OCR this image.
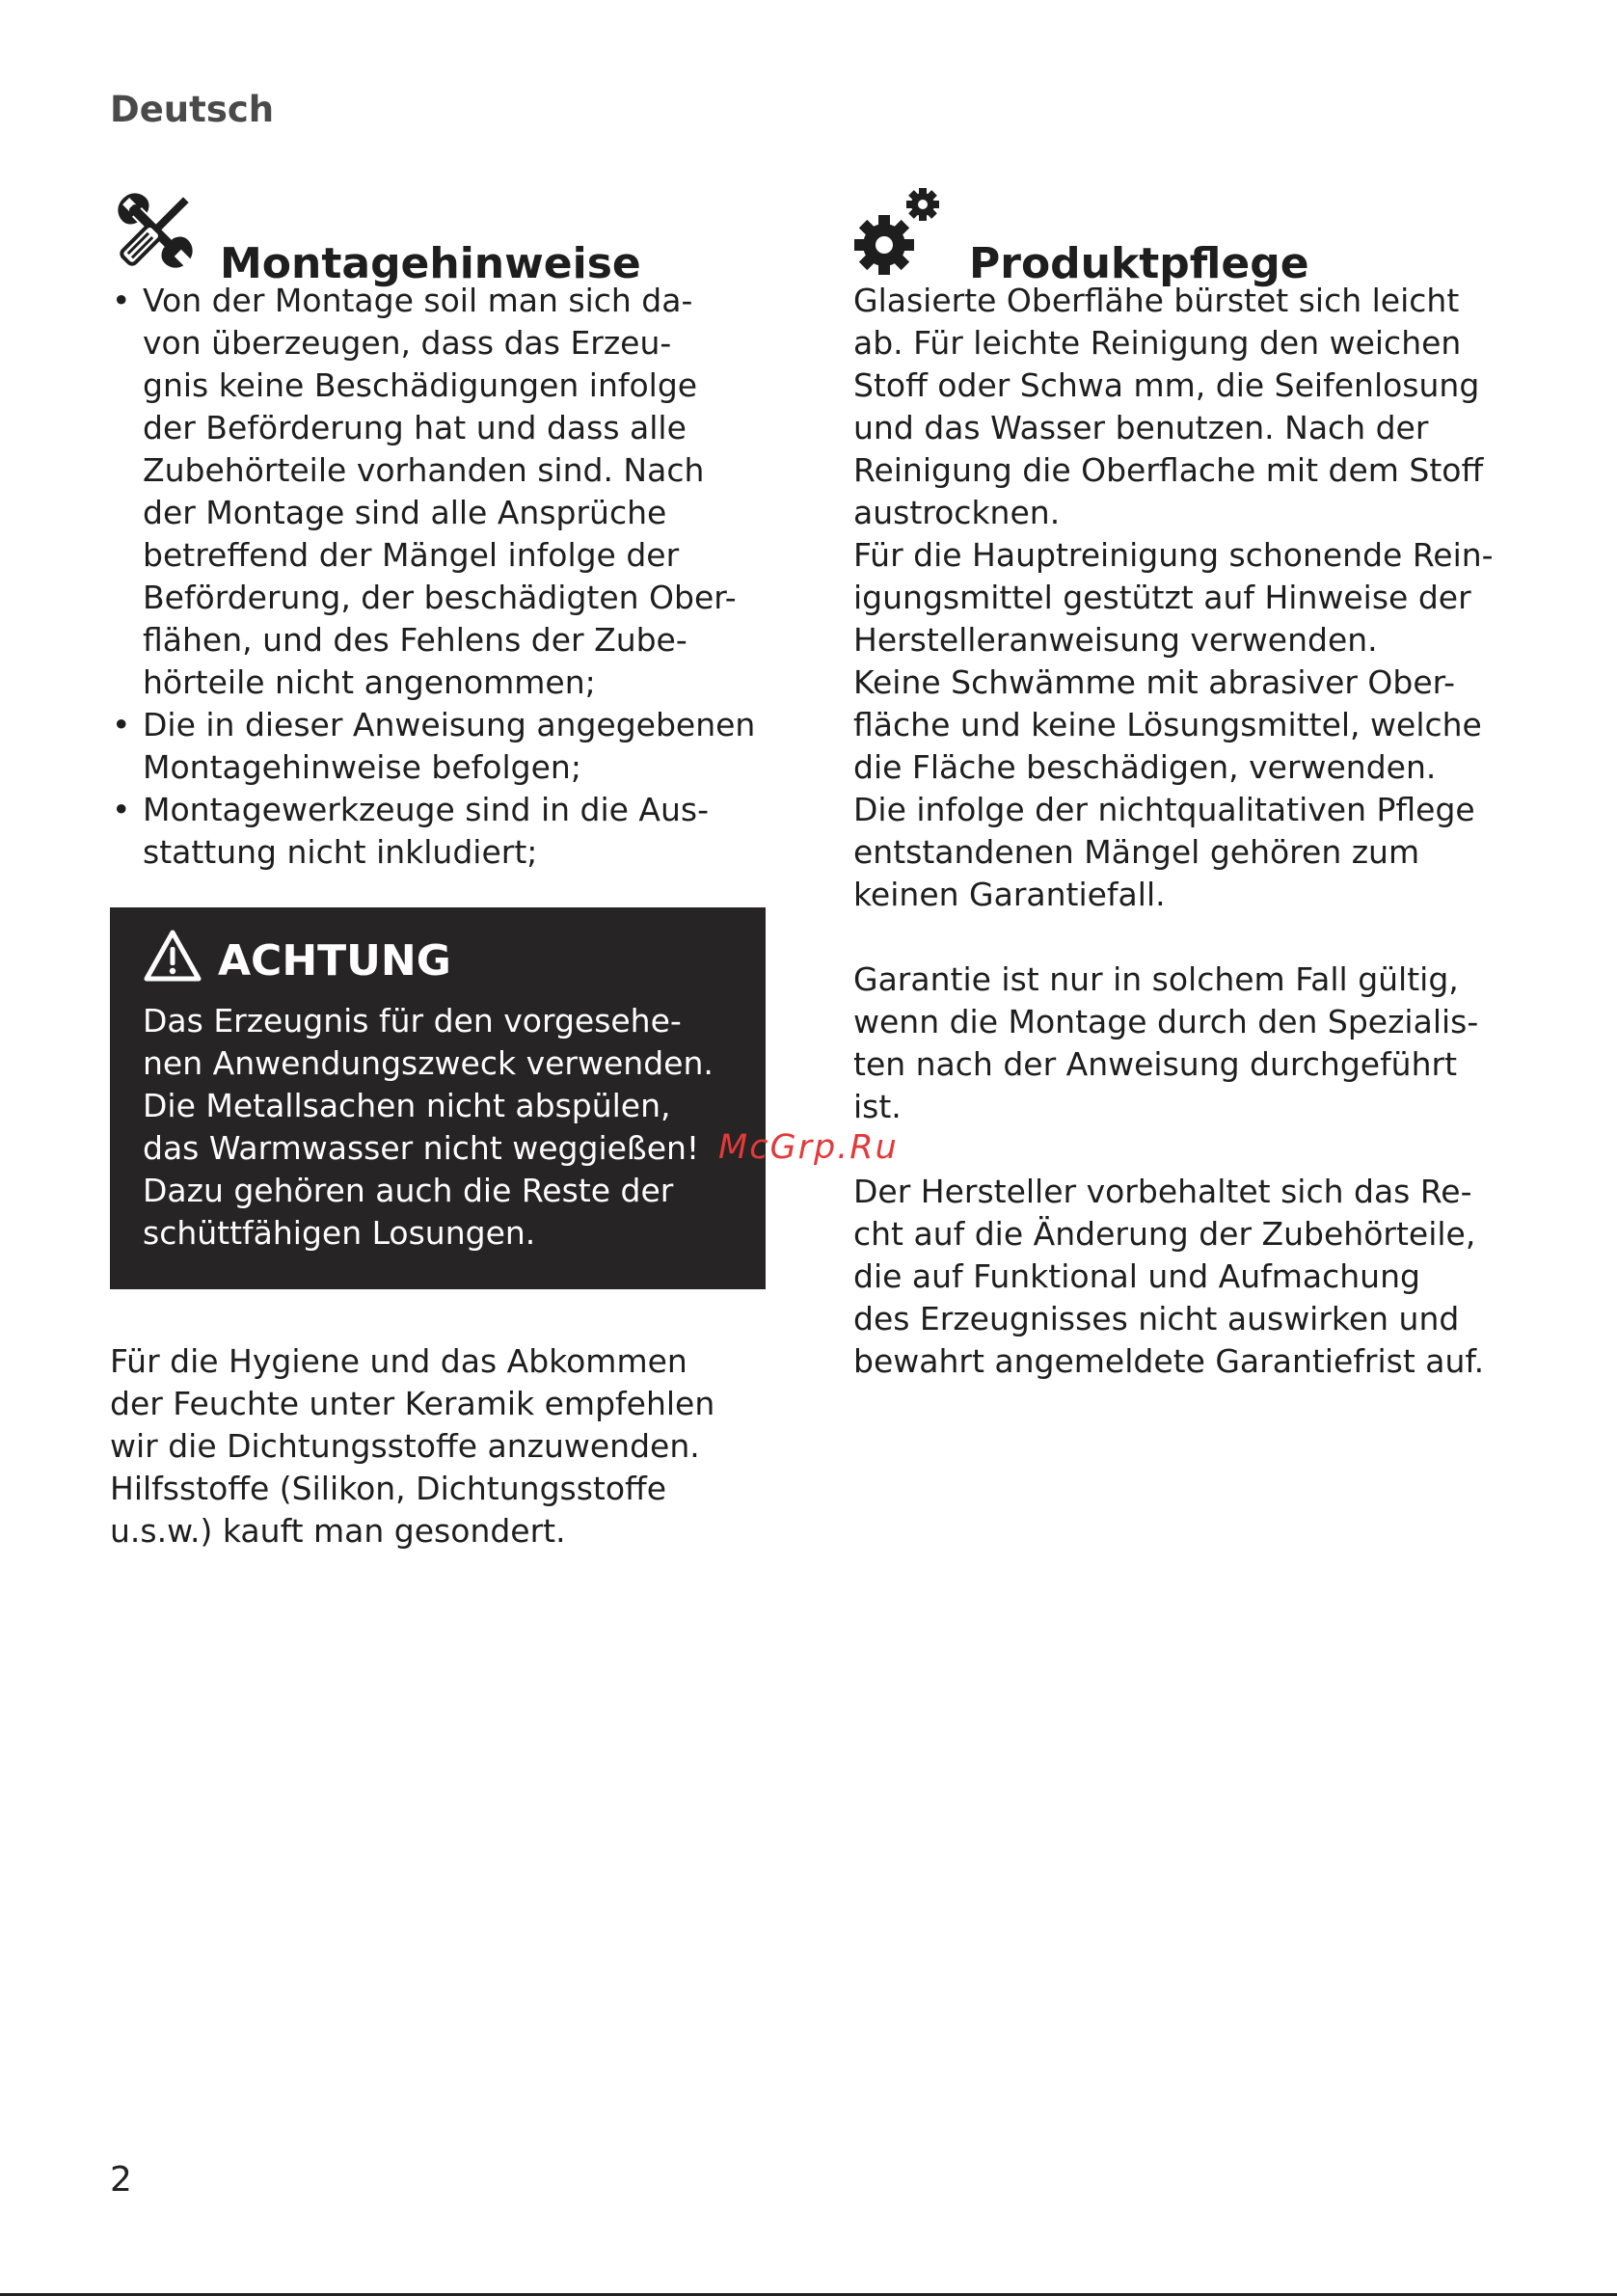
Deutsch
Montagehinweise
• Von der Montage soil man sich da-
von überzeugen, dass das Erzeu-
gnis keine Beschädigungen infolge
der Beförderung hat und dass alle
Zubehörteile vorhanden sind. Nach
der Montage sind alle Ansprüche
betreffend der Mängel infolge der
Beförderung, der beschädigten Ober-
flähen, und des Fehlens der Zube-
hörteile nicht angenommen;
• Die in dieser Anweisung angegebenen
Montagehinweise befolgen;
• Montagewerkzeuge sind in die Aus-
stattung nicht inkludiert;
ACHTUNG

Das Erzeugnis für den vorgesehe-
nen Anwendungszweck verwenden.
Die Metallsachen nicht abspülen,
das Warmwasser nicht weggießen!
Dazu gehören auch die Reste der
schüttfähigen Losungen.

Für die Hygiene und das Abkommen
der Feuchte unter Keramik empfehlen
wir die Dichtungsstoffe anzuwenden.
Hilfsstoffe (Silikon, Dichtungsstoffe
u.s.w.) kauft man gesondert.
Produktpflege

Glasierte Oberflähe bürstet sich leicht
ab. Für leichte Reinigung den weichen
Stoff oder Schwa mm, die Seifenlosung
und das Wasser benutzen. Nach der
Reinigung die Oberflache mit dem Stoff
austrocknen.
Für die Hauptreinigung schonende Rein-
igungsmittel gestützt auf Hinweise der
Herstelleranweisung verwenden.
Keine Schwämme mit abrasiver Ober-
fläche und keine Lösungsmittel, welche
die Fläche beschädigen, verwenden.
Die infolge der nichtqualitativen Pflege
entstandenen Mängel gehören zum
keinen Garantiefall.

Garantie ist nur in solchem Fall gültig,
wenn die Montage durch den Spezialis-
ten nach der Anweisung durchgeführt ist.

Der Hersteller vorbehaltet sich das Re-
cht auf die Änderung der Zubehörteile,
die auf Funktional und Aufmachung
des Erzeugnisses nicht auswirken und
bewahrt angemeldete Garantiefrist auf.

McGrp.Ru
2
